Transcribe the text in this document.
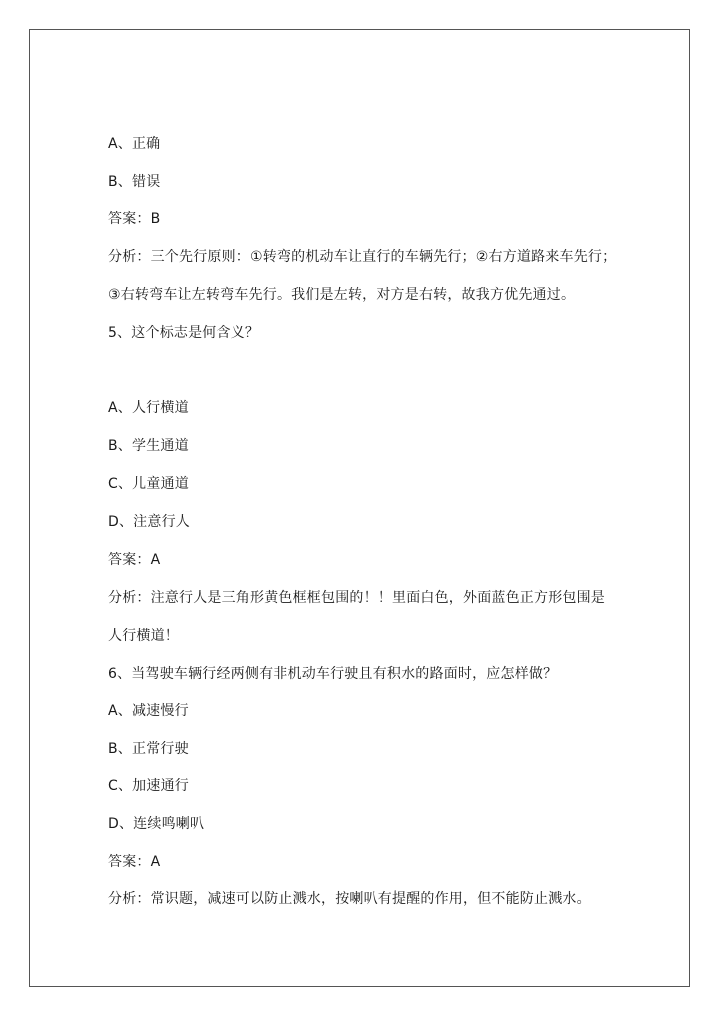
A、正确
B、错误
答案：B
分析：三个先行原则：①转弯的机动车让直行的车辆先行；②右方道路来车先行；
③右转弯车让左转弯车先行。我们是左转，对方是右转，故我方优先通过。
5、这个标志是何含义？
A、人行横道
B、学生通道
C、儿童通道
D、注意行人
答案：A
分析：注意行人是三角形黄色框框包围的！！里面白色，外面蓝色正方形包围是
人行横道！
6、当驾驶车辆行经两侧有非机动车行驶且有积水的路面时，应怎样做？
A、减速慢行
B、正常行驶
C、加速通行
D、连续鸣喇叭
答案：A
分析：常识题，减速可以防止溅水，按喇叭有提醒的作用，但不能防止溅水。
